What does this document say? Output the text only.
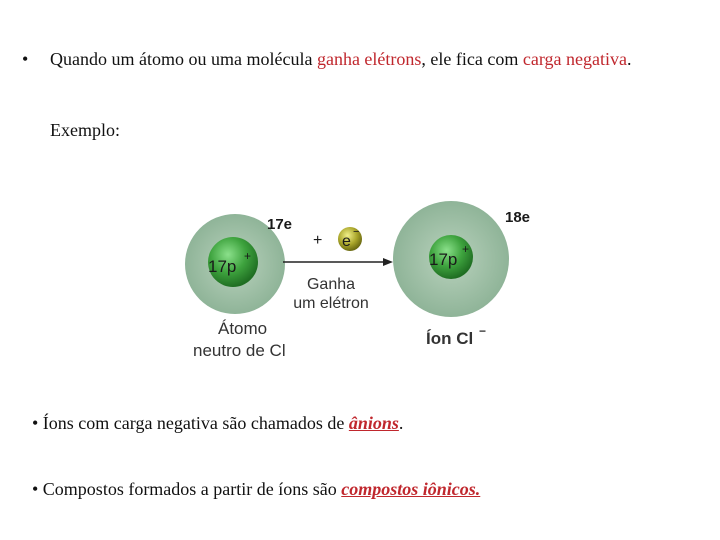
• Quando um átomo ou uma molécula ganha elétrons, ele fica com carga negativa.
Exemplo:
17p
+
17e
+ e
−
Ganha
um elétron
17p
+
18e
Átomo
neutro de Cl
Íon Cl −
• Íons com carga negativa são chamados de ânions.
• Compostos formados a partir de íons são compostos iônicos.
